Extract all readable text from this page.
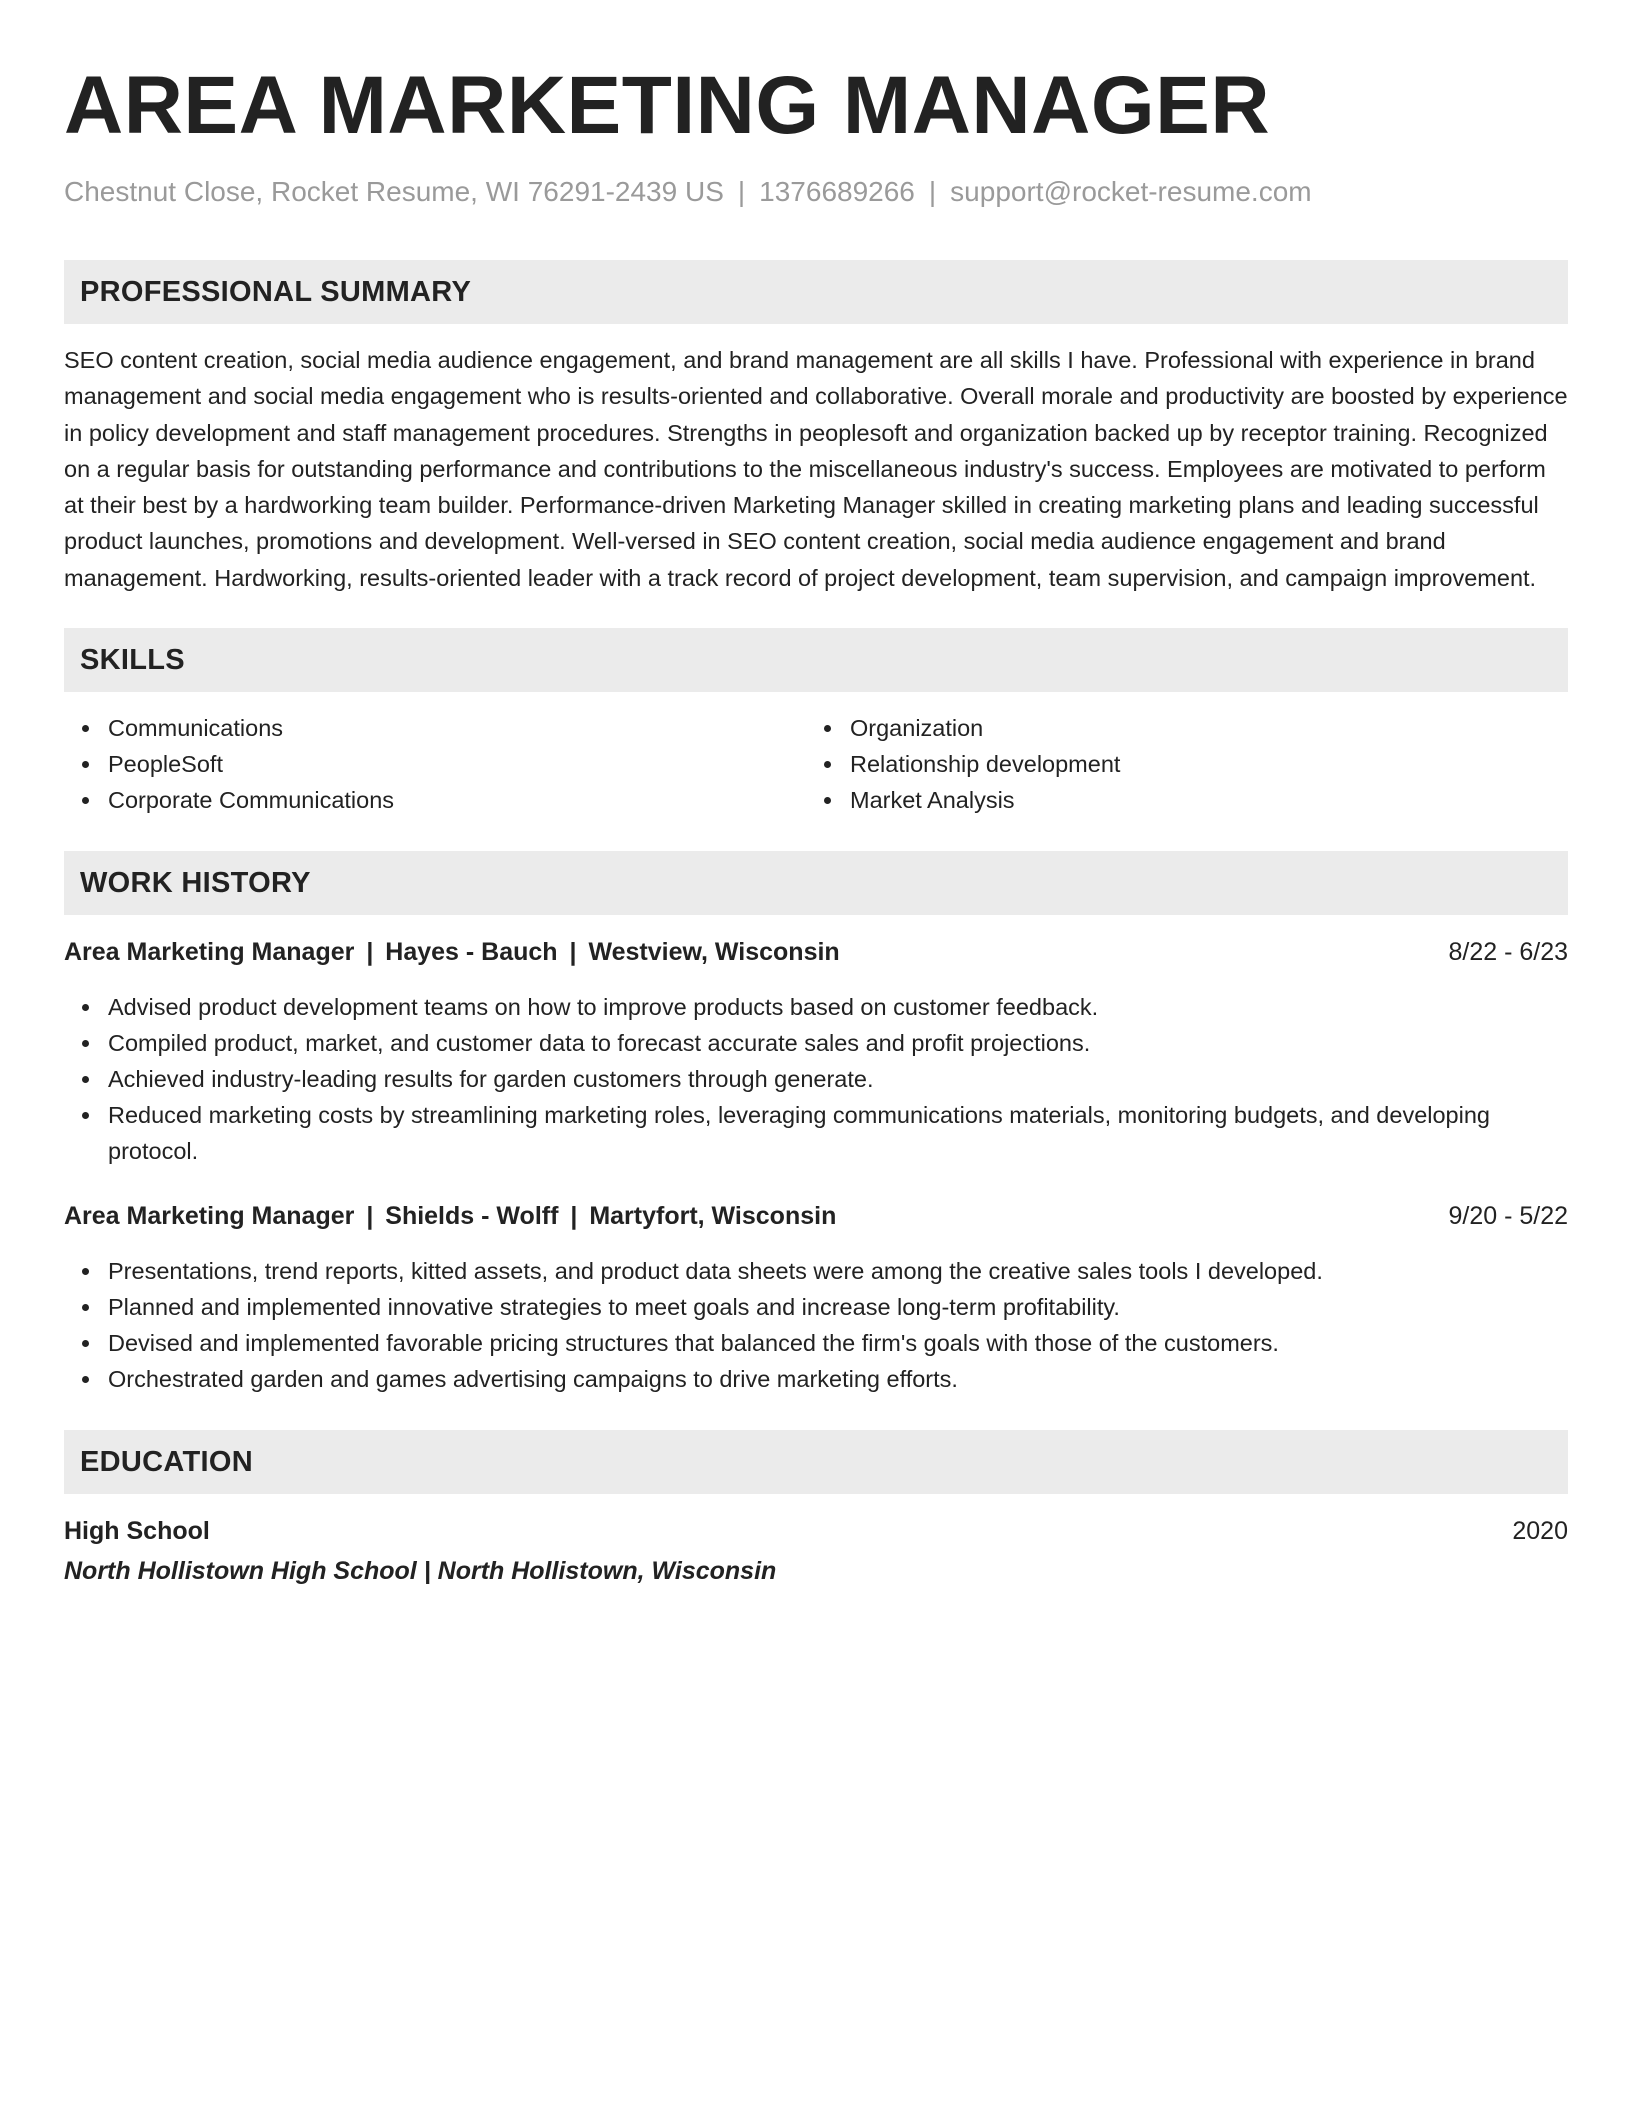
AREA MARKETING MANAGER
Chestnut Close, Rocket Resume, WI 76291-2439 US | 1376689266 | support@rocket-resume.com
PROFESSIONAL SUMMARY
SEO content creation, social media audience engagement, and brand management are all skills I have. Professional with experience in brand management and social media engagement who is results-oriented and collaborative. Overall morale and productivity are boosted by experience in policy development and staff management procedures. Strengths in peoplesoft and organization backed up by receptor training. Recognized on a regular basis for outstanding performance and contributions to the miscellaneous industry's success. Employees are motivated to perform at their best by a hardworking team builder. Performance-driven Marketing Manager skilled in creating marketing plans and leading successful product launches, promotions and development. Well-versed in SEO content creation, social media audience engagement and brand management. Hardworking, results-oriented leader with a track record of project development, team supervision, and campaign improvement.
SKILLS
Communications
PeopleSoft
Corporate Communications
Organization
Relationship development
Market Analysis
WORK HISTORY
Area Marketing Manager | Hayes - Bauch | Westview, Wisconsin	8/22 - 6/23
Advised product development teams on how to improve products based on customer feedback.
Compiled product, market, and customer data to forecast accurate sales and profit projections.
Achieved industry-leading results for garden customers through generate.
Reduced marketing costs by streamlining marketing roles, leveraging communications materials, monitoring budgets, and developing protocol.
Area Marketing Manager | Shields - Wolff | Martyfort, Wisconsin	9/20 - 5/22
Presentations, trend reports, kitted assets, and product data sheets were among the creative sales tools I developed.
Planned and implemented innovative strategies to meet goals and increase long-term profitability.
Devised and implemented favorable pricing structures that balanced the firm's goals with those of the customers.
Orchestrated garden and games advertising campaigns to drive marketing efforts.
EDUCATION
High School	2020
North Hollistown High School | North Hollistown, Wisconsin
